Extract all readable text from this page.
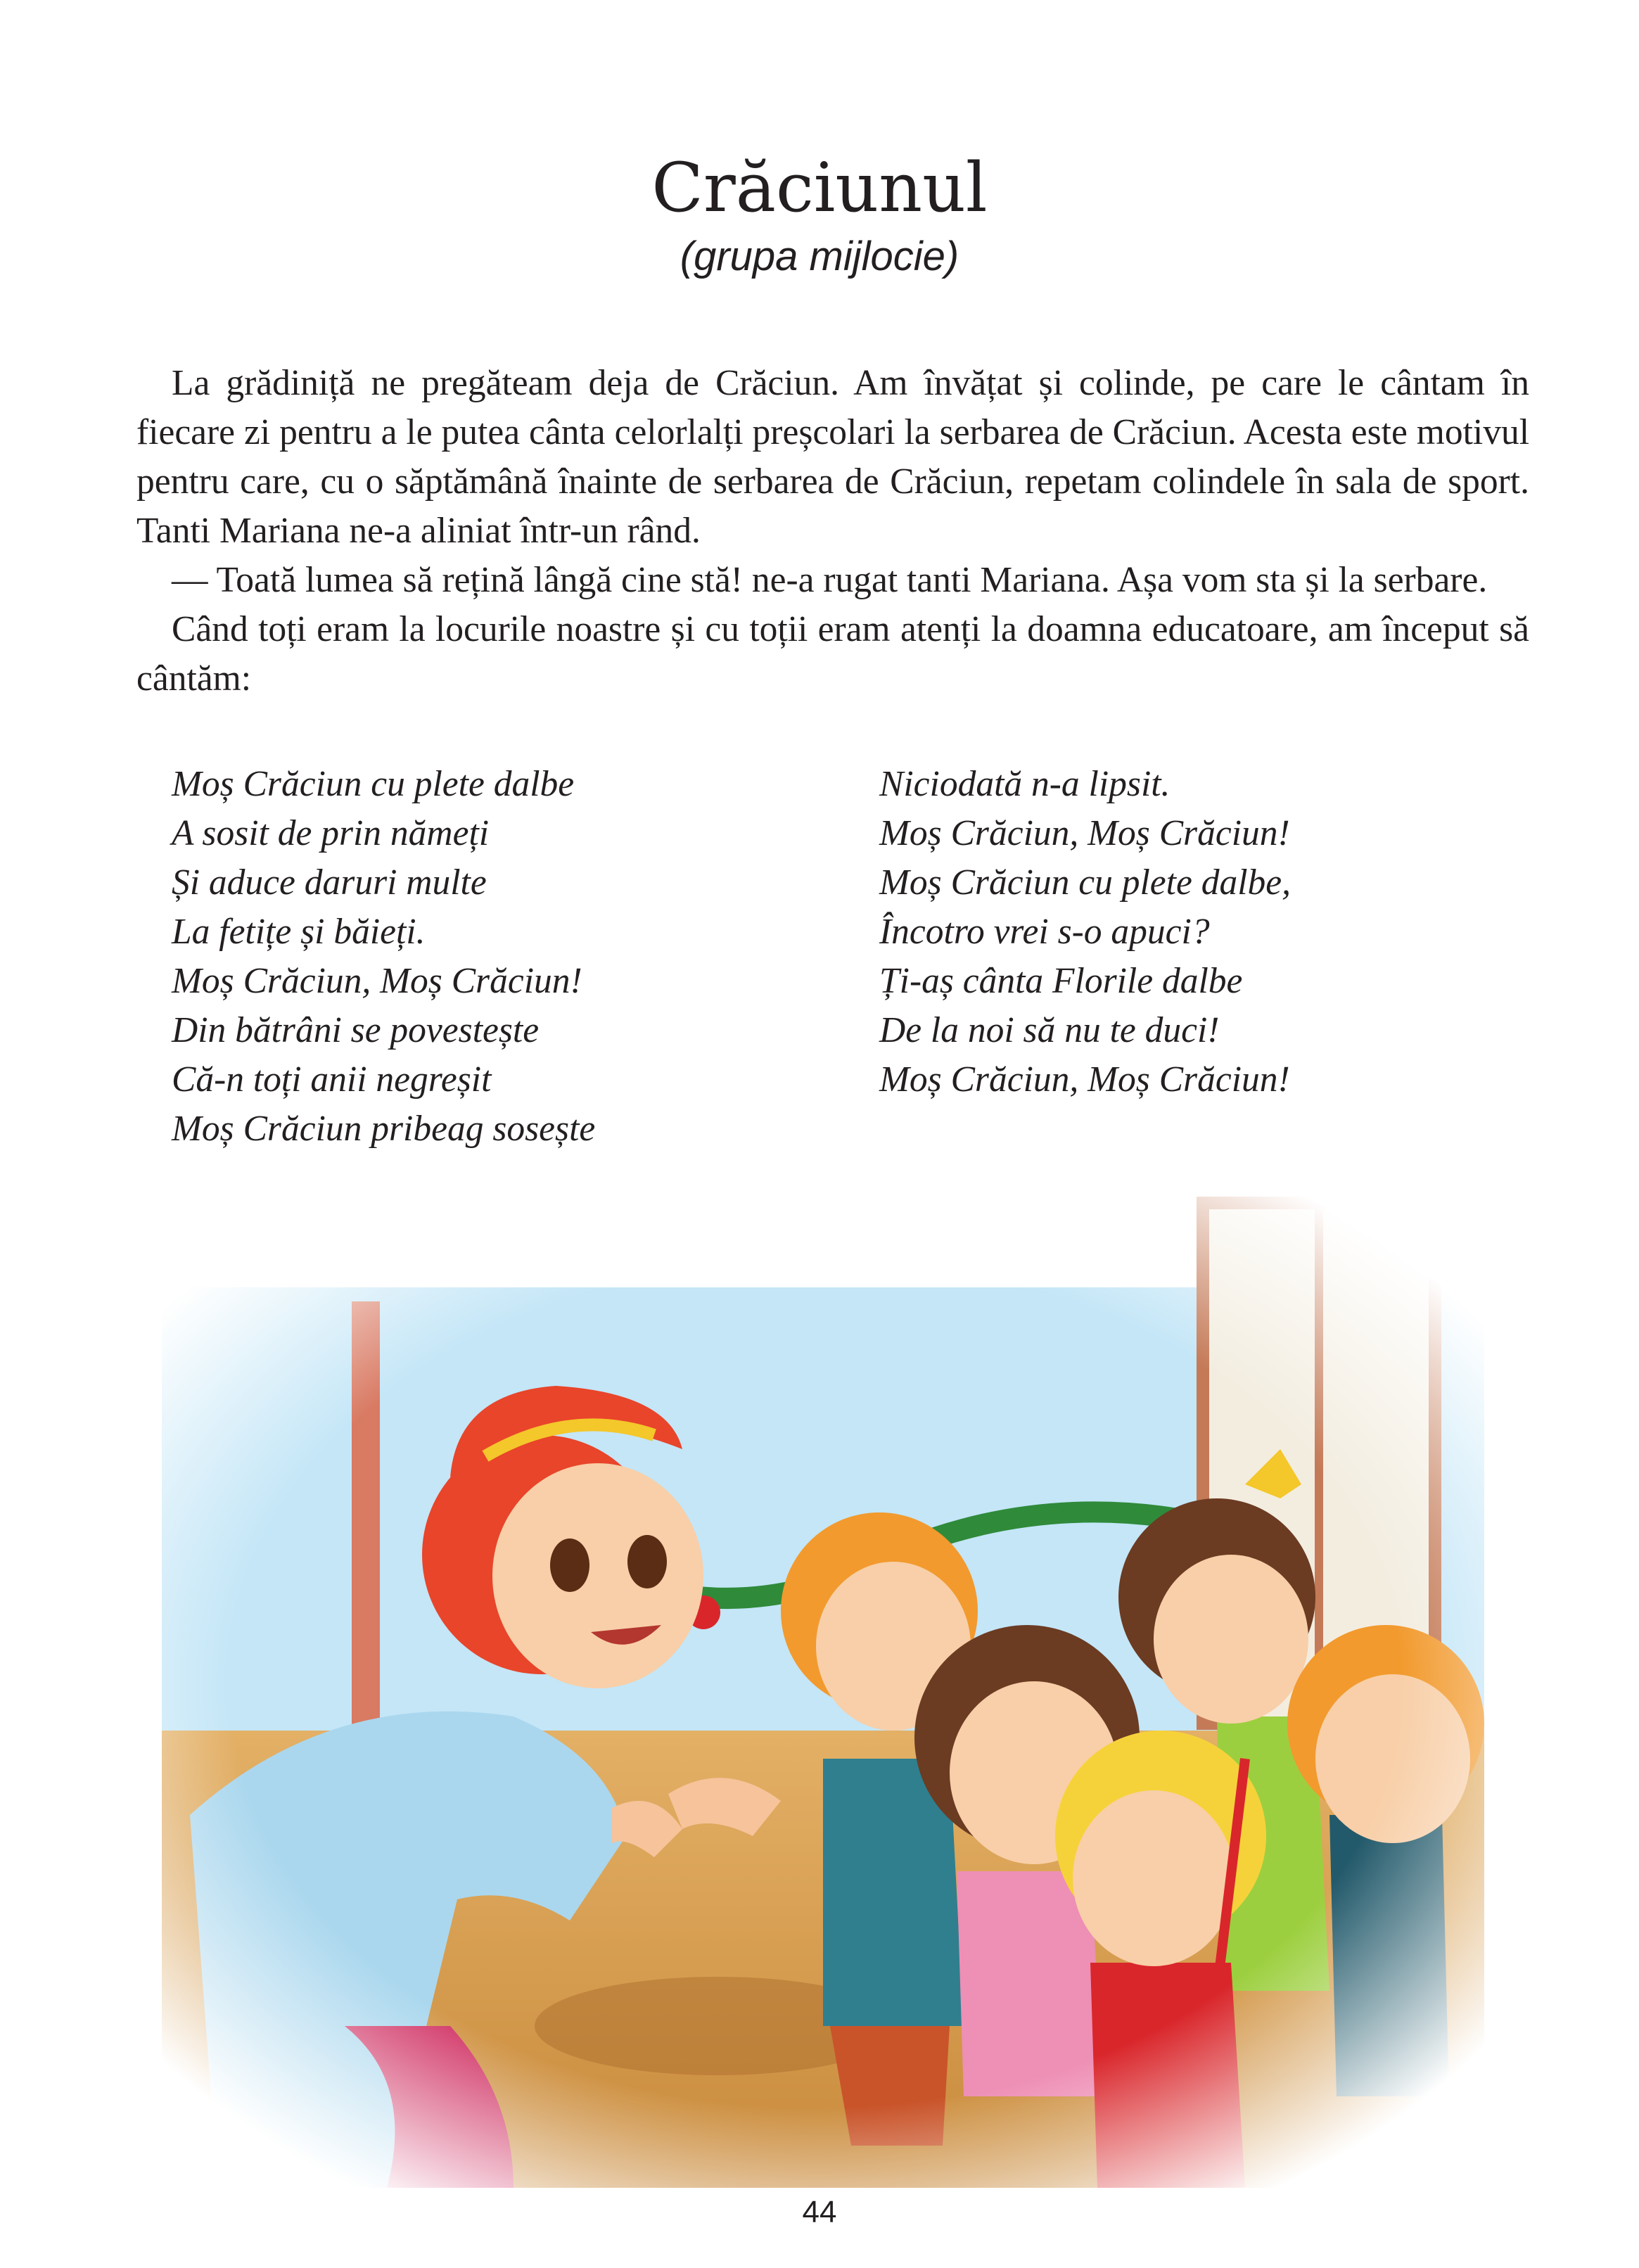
Crăciunul
(grupa mijlocie)

La grădiniță ne pregăteam deja de Crăciun. Am învățat și colinde, pe care le cântam în fiecare zi pentru a le putea cânta celorlalți preșcolari la serbarea de Crăciun. Acesta este motivul pentru care, cu o săptămână înainte de serbarea de Crăciun, repetam colindele în sala de sport. Tanti Mariana ne-a aliniat într-un rând.

— Toată lumea să rețină lângă cine stă! ne-a rugat tanti Mariana. Așa vom sta și la serbare.

Când toți eram la locurile noastre și cu toții eram atenți la doamna educatoare, am început să cântăm:

Moș Crăciun cu plete dalbe
A sosit de prin nămeți
Și aduce daruri multe
La fetițe și băieți.
Moș Crăciun, Moș Crăciun!
Din bătrâni se povestește
Că-n toți anii negreșit
Moș Crăciun pribeag sosește
Niciodată n-a lipsit.
Moș Crăciun, Moș Crăciun!
Moș Crăciun cu plete dalbe,
Încotro vrei s-o apuci?
Ți-aș cânta Florile dalbe
De la noi să nu te duci!
Moș Crăciun, Moș Crăciun!
44
